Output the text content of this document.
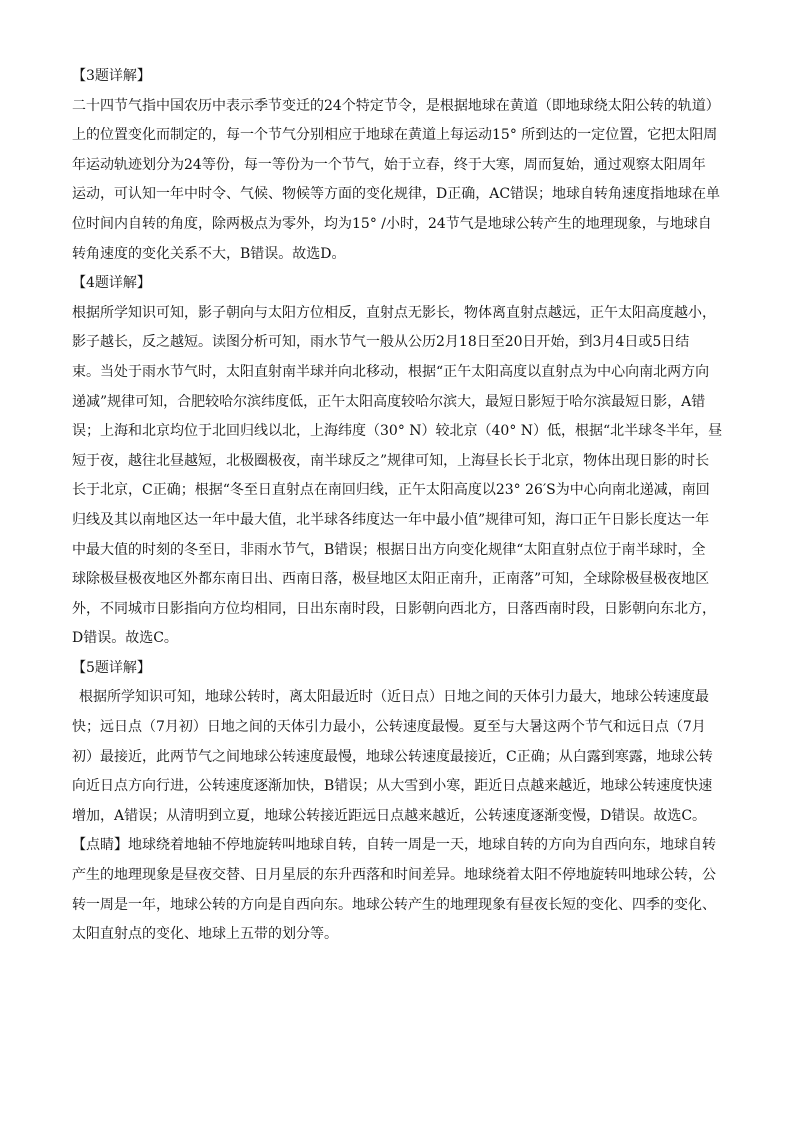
【3题详解】
二十四节气指中国农历中表示季节变迁的24个特定节令，是根据地球在黄道（即地球绕太阳公转的轨道）
上的位置变化而制定的，每一个节气分别相应于地球在黄道上每运动15° 所到达的一定位置，它把太阳周
年运动轨迹划分为24等份，每一等份为一个节气，始于立春，终于大寒，周而复始，通过观察太阳周年
运动，可认知一年中时令、气候、物候等方面的变化规律，D正确，AC错误；地球自转角速度指地球在单
位时间内自转的角度，除两极点为零外，均为15° /小时，24节气是地球公转产生的地理现象，与地球自
转角速度的变化关系不大，B错误。故选D。
【4题详解】
根据所学知识可知，影子朝向与太阳方位相反，直射点无影长，物体离直射点越远，正午太阳高度越小，
影子越长，反之越短。读图分析可知，雨水节气一般从公历2月18日至20日开始，到3月4日或5日结
束。当处于雨水节气时，太阳直射南半球并向北移动，根据“正午太阳高度以直射点为中心向南北两方向
递减”规律可知，合肥较哈尔滨纬度低，正午太阳高度较哈尔滨大，最短日影短于哈尔滨最短日影，A错
误；上海和北京均位于北回归线以北，上海纬度（30° N）较北京（40° N）低，根据“北半球冬半年，昼
短于夜，越往北昼越短，北极圈极夜，南半球反之”规律可知，上海昼长长于北京，物体出现日影的时长
长于北京，C正确；根据“冬至日直射点在南回归线，正午太阳高度以23° 26′S为中心向南北递减，南回
归线及其以南地区达一年中最大值，北半球各纬度达一年中最小值”规律可知，海口正午日影长度达一年
中最大值的时刻的冬至日，非雨水节气，B错误；根据日出方向变化规律“太阳直射点位于南半球时，全
球除极昼极夜地区外都东南日出、西南日落，极昼地区太阳正南升，正南落”可知，全球除极昼极夜地区
外，不同城市日影指向方位均相同，日出东南时段，日影朝向西北方，日落西南时段，日影朝向东北方，
D错误。故选C。
【5题详解】
根据所学知识可知，地球公转时，离太阳最近时（近日点）日地之间的天体引力最大，地球公转速度最
快；远日点（7月初）日地之间的天体引力最小，公转速度最慢。夏至与大暑这两个节气和远日点（7月
初）最接近，此两节气之间地球公转速度最慢，地球公转速度最接近，C正确；从白露到寒露，地球公转
向近日点方向行进，公转速度逐渐加快，B错误；从大雪到小寒，距近日点越来越近，地球公转速度快速
增加，A错误；从清明到立夏，地球公转接近距远日点越来越近，公转速度逐渐变慢，D错误。故选C。
【点睛】地球绕着地轴不停地旋转叫地球自转，自转一周是一天，地球自转的方向为自西向东，地球自转
产生的地理现象是昼夜交替、日月星辰的东升西落和时间差异。地球绕着太阳不停地旋转叫地球公转，公
转一周是一年，地球公转的方向是自西向东。地球公转产生的地理现象有昼夜长短的变化、四季的变化、
太阳直射点的变化、地球上五带的划分等。
